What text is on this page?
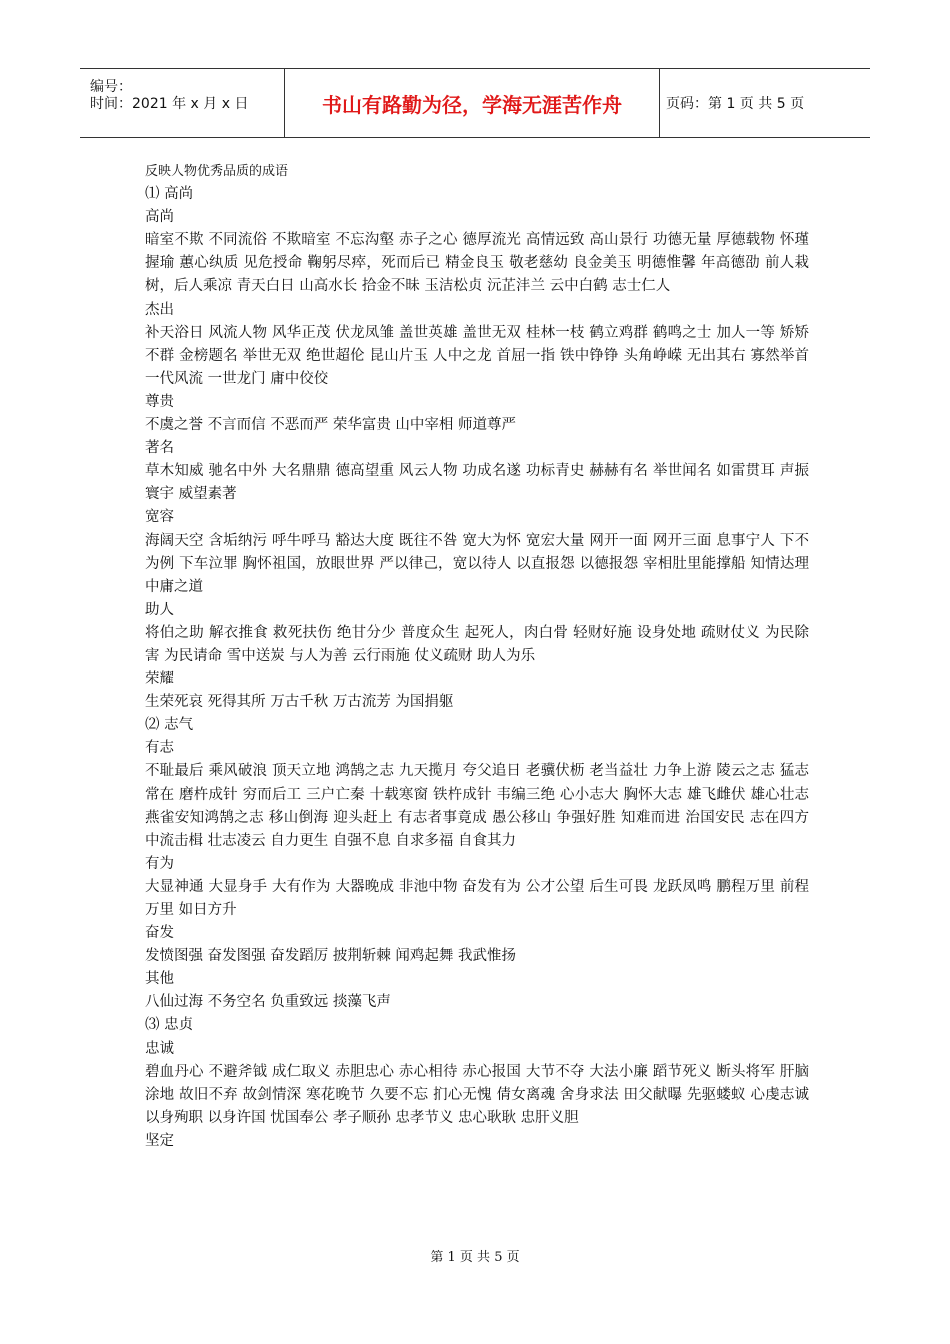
编号：
时间：2021 年 x 月 x 日	书山有路勤为径，学海无涯苦作舟	页码：第 1 页 共 5 页

反映人物优秀品质的成语

⑴ 高尚

高尚

暗室不欺 不同流俗 不欺暗室 不忘沟壑 赤子之心 德厚流光 高情远致 高山景行 功德无量 厚德载物 怀瑾握瑜 蕙心纨质 见危授命 鞠躬尽瘁，死而后已 精金良玉 敬老慈幼 良金美玉 明德惟馨 年高德劭 前人栽树，后人乘凉 青天白日 山高水长 拾金不昧 玉洁松贞 沅芷沣兰 云中白鹤 志士仁人

杰出

补天浴日 风流人物 风华正茂 伏龙凤雏 盖世英雄 盖世无双 桂林一枝 鹤立鸡群 鹤鸣之士 加人一等 矫矫不群 金榜题名 举世无双 绝世超伦 昆山片玉 人中之龙 首屈一指 铁中铮铮 头角峥嵘 无出其右 寡然举首 一代风流 一世龙门 庸中佼佼

尊贵

不虞之誉 不言而信 不恶而严 荣华富贵 山中宰相 师道尊严

著名

草木知威 驰名中外 大名鼎鼎 德高望重 风云人物 功成名遂 功标青史 赫赫有名 举世闻名 如雷贯耳 声振寰宇 威望素著

宽容

海阔天空 含垢纳污 呼牛呼马 豁达大度 既往不咎 宽大为怀 宽宏大量 网开一面 网开三面 息事宁人 下不为例 下车泣罪 胸怀祖国，放眼世界 严以律己，宽以待人 以直报怨 以德报怨 宰相肚里能撑船 知情达理 中庸之道

助人

将伯之助 解衣推食 救死扶伤 绝甘分少 普度众生 起死人，肉白骨 轻财好施 设身处地 疏财仗义 为民除害 为民请命 雪中送炭 与人为善 云行雨施 仗义疏财 助人为乐

荣耀

生荣死哀 死得其所 万古千秋 万古流芳 为国捐躯

⑵ 志气

有志

不耻最后 乘风破浪 顶天立地 鸿鹄之志 九天揽月 夸父追日 老骥伏枥 老当益壮 力争上游 陵云之志 猛志常在 磨杵成针 穷而后工 三户亡秦 十载寒窗 铁杵成针 韦编三绝 心小志大 胸怀大志 雄飞雌伏 雄心壮志 燕雀安知鸿鹄之志 移山倒海 迎头赶上 有志者事竟成 愚公移山 争强好胜 知难而进 治国安民 志在四方 中流击楫 壮志凌云 自力更生 自强不息 自求多福 自食其力

有为

大显神通 大显身手 大有作为 大器晚成 非池中物 奋发有为 公才公望 后生可畏 龙跃凤鸣 鹏程万里 前程万里 如日方升

奋发

发愤图强 奋发图强 奋发蹈厉 披荆斩棘 闻鸡起舞 我武惟扬

其他

八仙过海 不务空名 负重致远 掞藻飞声

⑶ 忠贞

忠诚

碧血丹心 不避斧钺 成仁取义 赤胆忠心 赤心相待 赤心报国 大节不夺 大法小廉 蹈节死义 断头将军 肝脑涂地 故旧不弃 故剑情深 寒花晚节 久要不忘 扪心无愧 倩女离魂 舍身求法 田父献曝 先驱蝼蚁 心虔志诚 以身殉职 以身许国 忧国奉公 孝子顺孙 忠孝节义 忠心耿耿 忠肝义胆

坚定

第 1 页 共 5 页
